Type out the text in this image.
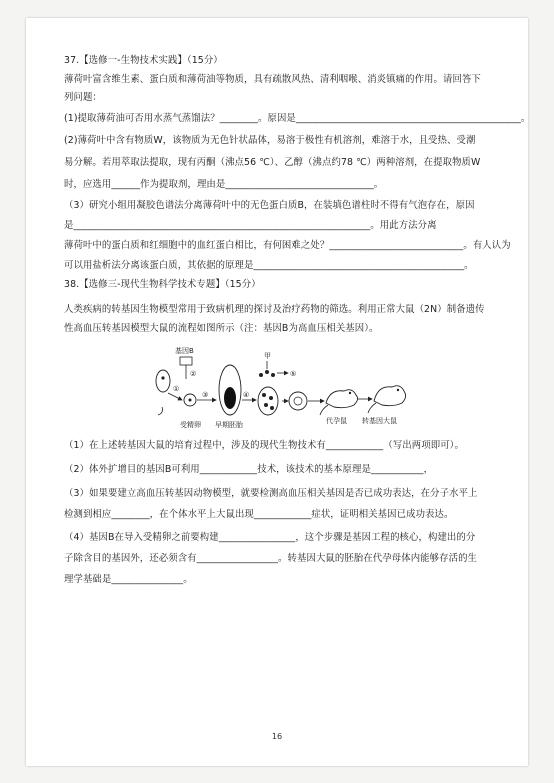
37.【选修一-生物技术实践】（15分）
薄荷叶富含维生素、蛋白质和薄荷油等物质，具有疏散风热、清利咽喉、消炎镇痛的作用。请回答下
列问题：
(1)提取薄荷油可否用水蒸气蒸馏法？________。原因是_______________________________________________。
(2)薄荷叶中含有物质W，该物质为无色针状晶体，易溶于极性有机溶剂，难溶于水，且受热、受潮
易分解。若用萃取法提取，现有丙酮（沸点56 ℃）、乙醇（沸点约78 ℃）两种溶剂，在提取物质W
时，应选用______作为提取剂，理由是_______________________________。
（3）研究小组用凝胶色谱法分离薄荷叶中的无色蛋白质B，在装填色谱柱时不得有气泡存在，原因
是______________________________________________________________。用此方法分离
薄荷叶中的蛋白质和红细胞中的血红蛋白相比，有何困难之处？____________________________。有人认为
可以用盐析法分离该蛋白质，其依据的原理是____________________________________________。
38.【选修三-现代生物科学技术专题】（15分）
人类疾病的转基因生物模型常用于致病机理的探讨及治疗药物的筛选。利用正常大鼠（2N）制备遗传
性高血压转基因模型大鼠的流程如图所示（注：基因B为高血压相关基因）。
基因B
②
①
③
受精卵 早期胚胎
④
甲
⑤
代孕鼠 转基因大鼠
（1）在上述转基因大鼠的培育过程中，涉及的现代生物技术有____________（写出两项即可）。
（2）体外扩增目的基因B可利用____________技术，该技术的基本原理是___________，
（3）如果要建立高血压转基因动物模型，就要检测高血压相关基因是否已成功表达，在分子水平上
检测到相应________，在个体水平上大鼠出现____________症状，证明相关基因已成功表达。
（4）基因B在导入受精卵之前要构建________________，这个步骤是基因工程的核心，构建出的分
子除含目的基因外，还必须含有_________________。转基因大鼠的胚胎在代孕母体内能够存活的生
理学基础是_______________。
16
